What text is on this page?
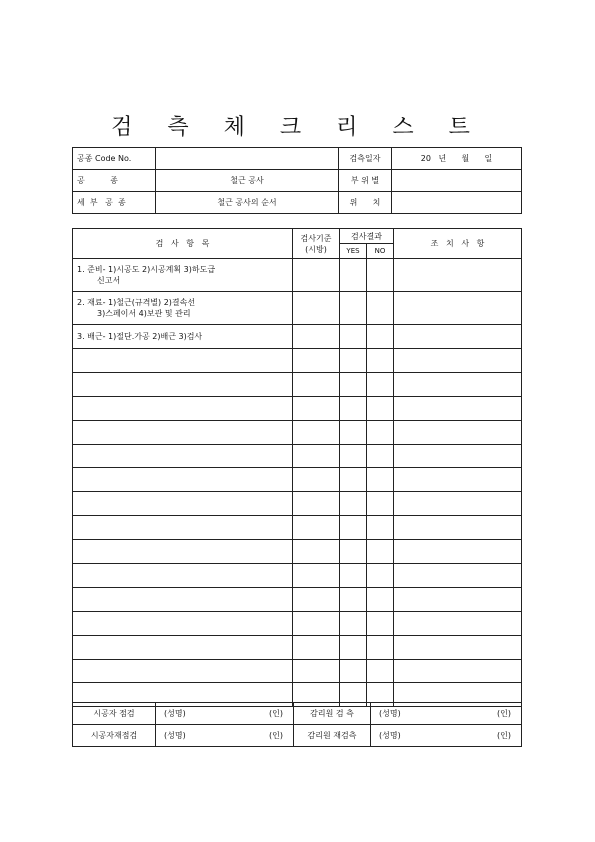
검 측 체 크 리 스 트
공종 Code No.		검측일자	20   년      월      일
공          종	철근 공사	부 위 별	
세  부   공  종	철근 공사의 순서	위      치	
검   사   항   목	검사기준 (시방)	검사결과		조   치   사   항
		YES	NO	

1. 준비- 1)시공도 2)시공계획 3)하도급
신고서				

2. 재료- 1)철근(규격별) 2)결속선
3)스페이서 4)보관 및 관리				

3. 배근- 1)절단.가공 2)배근 3)검사				

시공자 점검	(성명) (인)	감리원 검 측	(성명) (인)

시공자재점검	(성명) (인)	감리원 재검측	(성명) (인)
